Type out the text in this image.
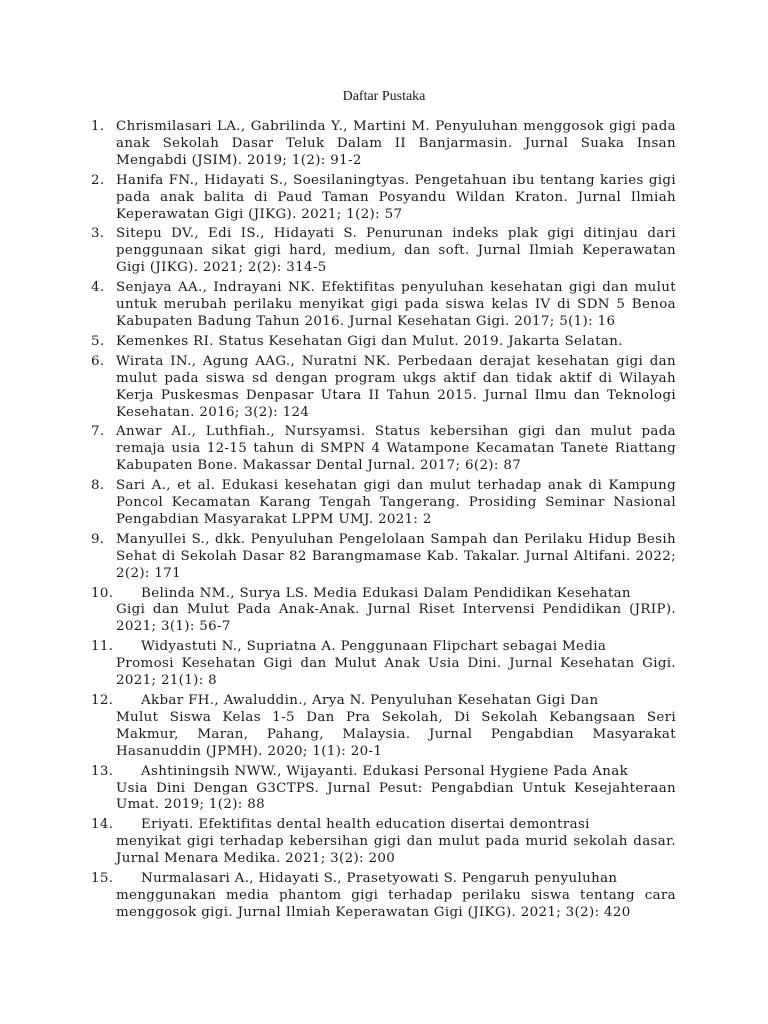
Daftar Pustaka
1. Chrismilasari LA., Gabrilinda Y., Martini M. Penyuluhan menggosok gigi pada anak Sekolah Dasar Teluk Dalam II Banjarmasin. Jurnal Suaka Insan Mengabdi (JSIM). 2019; 1(2): 91-2
2. Hanifa FN., Hidayati S., Soesilaningtyas. Pengetahuan ibu tentang karies gigi pada anak balita di Paud Taman Posyandu Wildan Kraton. Jurnal Ilmiah Keperawatan Gigi (JIKG). 2021; 1(2): 57
3. Sitepu DV., Edi IS., Hidayati S. Penurunan indeks plak gigi ditinjau dari penggunaan sikat gigi hard, medium, dan soft. Jurnal Ilmiah Keperawatan Gigi (JIKG). 2021; 2(2): 314-5
4. Senjaya AA., Indrayani NK. Efektifitas penyuluhan kesehatan gigi dan mulut untuk merubah perilaku menyikat gigi pada siswa kelas IV di SDN 5 Benoa Kabupaten Badung Tahun 2016. Jurnal Kesehatan Gigi. 2017; 5(1): 16
5. Kemenkes RI. Status Kesehatan Gigi dan Mulut. 2019. Jakarta Selatan.
6. Wirata IN., Agung AAG., Nuratni NK. Perbedaan derajat kesehatan gigi dan mulut pada siswa sd dengan program ukgs aktif dan tidak aktif di Wilayah Kerja Puskesmas Denpasar Utara II Tahun 2015. Jurnal Ilmu dan Teknologi Kesehatan. 2016; 3(2): 124
7. Anwar AI., Luthfiah., Nursyamsi. Status kebersihan gigi dan mulut pada remaja usia 12-15 tahun di SMPN 4 Watampone Kecamatan Tanete Riattang Kabupaten Bone. Makassar Dental Jurnal. 2017; 6(2): 87
8. Sari A., et al. Edukasi kesehatan gigi dan mulut terhadap anak di Kampung Poncol Kecamatan Karang Tengah Tangerang. Prosiding Seminar Nasional Pengabdian Masyarakat LPPM UMJ. 2021: 2
9. Manyullei S., dkk. Penyuluhan Pengelolaan Sampah dan Perilaku Hidup Besih Sehat di Sekolah Dasar 82 Barangmamase Kab. Takalar. Jurnal Altifani. 2022; 2(2): 171
10. Belinda NM., Surya LS. Media Edukasi Dalam Pendidikan Kesehatan
Gigi dan Mulut Pada Anak-Anak. Jurnal Riset Intervensi Pendidikan (JRIP). 2021; 3(1): 56-7
11. Widyastuti N., Supriatna A. Penggunaan Flipchart sebagai Media
Promosi Kesehatan Gigi dan Mulut Anak Usia Dini. Jurnal Kesehatan Gigi. 2021; 21(1): 8
12. Akbar FH., Awaluddin., Arya N. Penyuluhan Kesehatan Gigi Dan
Mulut Siswa Kelas 1-5 Dan Pra Sekolah, Di Sekolah Kebangsaan Seri Makmur, Maran, Pahang, Malaysia. Jurnal Pengabdian Masyarakat Hasanuddin (JPMH). 2020; 1(1): 20-1
13. Ashtiningsih NWW., Wijayanti. Edukasi Personal Hygiene Pada Anak
Usia Dini Dengan G3CTPS. Jurnal Pesut: Pengabdian Untuk Kesejahteraan Umat. 2019; 1(2): 88
14. Eriyati. Efektifitas dental health education disertai demontrasi
menyikat gigi terhadap kebersihan gigi dan mulut pada murid sekolah dasar. Jurnal Menara Medika. 2021; 3(2): 200
15. Nurmalasari A., Hidayati S., Prasetyowati S. Pengaruh penyuluhan
menggunakan media phantom gigi terhadap perilaku siswa tentang cara menggosok gigi. Jurnal Ilmiah Keperawatan Gigi (JIKG). 2021; 3(2): 420
